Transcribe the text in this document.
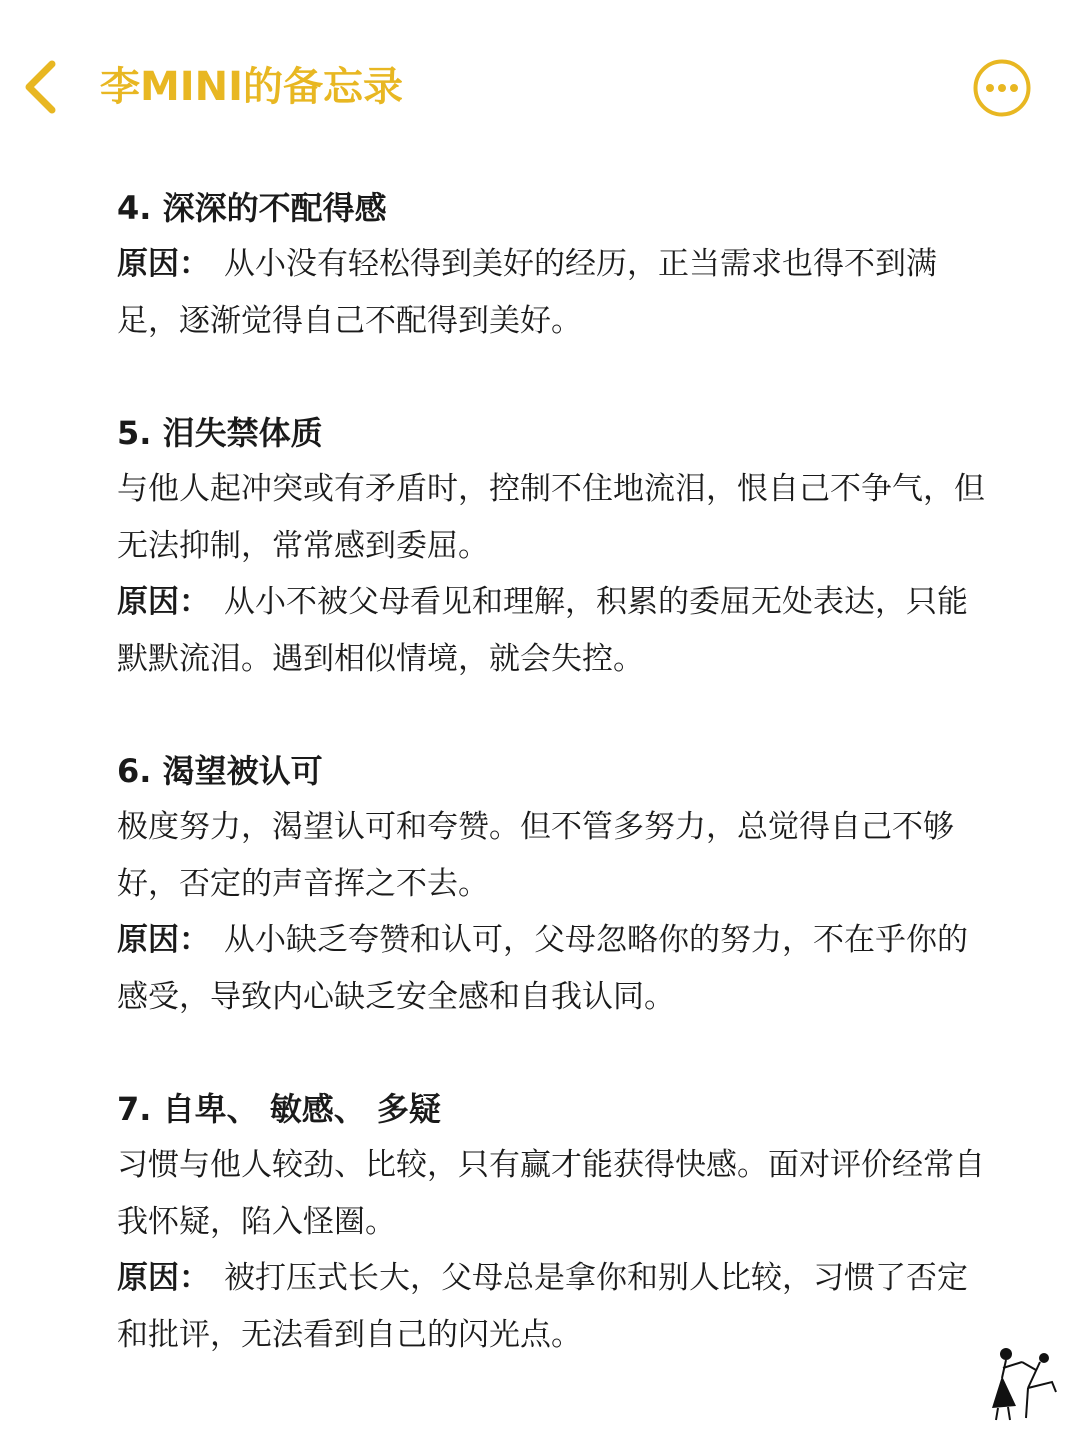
李MINI的备忘录

4. 深深的不配得感

原因： 从小没有轻松得到美好的经历，正当需求也得不到满足，逐渐觉得自己不配得到美好。

5. 泪失禁体质

与他人起冲突或有矛盾时，控制不住地流泪，恨自己不争气，但无法抑制，常常感到委屈。

原因： 从小不被父母看见和理解，积累的委屈无处表达，只能默默流泪。遇到相似情境，就会失控。

6. 渴望被认可

极度努力，渴望认可和夸赞。但不管多努力，总觉得自己不够好，否定的声音挥之不去。

原因： 从小缺乏夸赞和认可，父母忽略你的努力，不在乎你的感受，导致内心缺乏安全感和自我认同。

7. 自卑、 敏感、 多疑

习惯与他人较劲、比较，只有赢才能获得快感。面对评价经常自我怀疑，陷入怪圈。

原因： 被打压式长大，父母总是拿你和别人比较，习惯了否定和批评，无法看到自己的闪光点。
